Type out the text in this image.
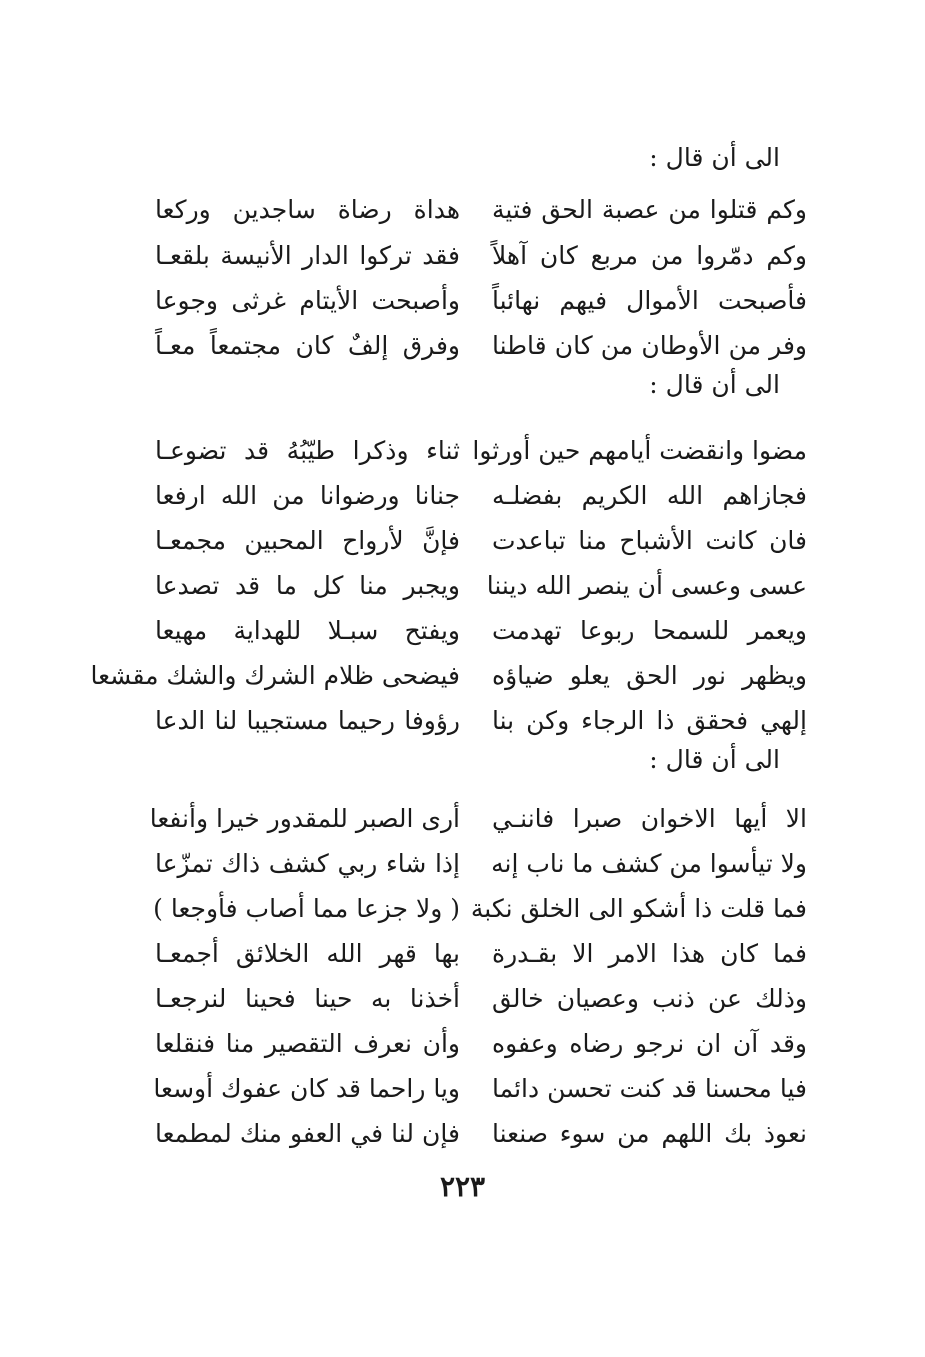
الى أن قال :
وكم قتلوا من عصبة الحق فتية
هداة رضاة ساجدين وركعا
وكم دمّروا من مربع كان آهلاً
فقد تركوا الدار الأنيسة بلقعـا
فأصبحت الأموال فيهم نهائباً
وأصبحت الأيتام غرثى وجوعا
وفر من الأوطان من كان قاطنا
وفرق إلفٌ كان مجتمعاً معـاً
الى أن قال :
مضوا وانقضت أيامهم حين أورثوا
ثناء وذكرا طيّبُهُ قد تضوعـا
فجازاهم الله الكريم بفضلـه
جنانا ورضوانا من الله ارفعا
فان كانت الأشباح منا تباعدت
فإنَّ لأرواح المحبين مجمعـا
عسى وعسى أن ينصر الله ديننا
ويجبر منا كل ما قد تصدعا
ويعمر للسمحا ربوعا تهدمت
ويفتح سبـلا للهداية مهيعا
ويظهر نور الحق يعلو ضياؤه
فيضحى ظلام الشرك والشك مقشعا
إلهي فحقق ذا الرجاء وكن بنا
رؤوفا رحيما مستجيبا لنا الدعا
الى أن قال :
الا أيها الاخوان صبرا فاننـي
أرى الصبر للمقدور خيرا وأنفعا
ولا تيأسوا من كشف ما ناب إنه
إذا شاء ربي كشف ذاك تمزّعا
فما قلت ذا أشكو الى الخلق نكبة
( ولا جزعا مما أصاب فأوجعا )
فما كان هذا الامر الا بقـدرة
بها قهر الله الخلائق أجمعـا
وذلك عن ذنب وعصيان خالق
أخذنا به حينا فحينا لنرجعـا
وقد آن ان نرجو رضاه وعفوه
وأن نعرف التقصير منا فنقلعا
فيا محسنا قد كنت تحسن دائما
ويا راحما قد كان عفوك أوسعا
نعوذ بك اللهم من سوء صنعنا
فإن لنا في العفو منك لمطمعا
٢٢٣
